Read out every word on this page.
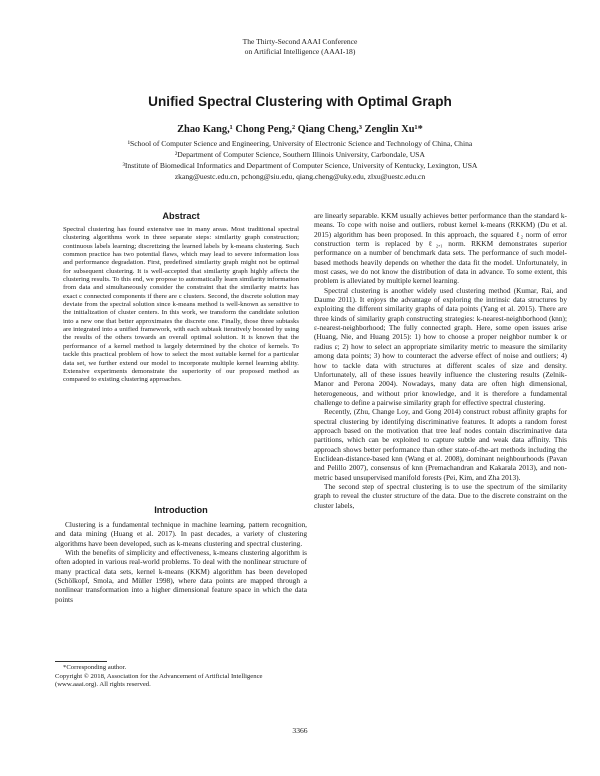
The Thirty-Second AAAI Conference
on Artificial Intelligence (AAAI-18)
Unified Spectral Clustering with Optimal Graph
Zhao Kang,¹ Chong Peng,² Qiang Cheng,³ Zenglin Xu¹*
¹School of Computer Science and Engineering, University of Electronic Science and Technology of China, China
²Department of Computer Science, Southern Illinois University, Carbondale, USA
³Institute of Biomedical Informatics and Department of Computer Science, University of Kentucky, Lexington, USA
zkang@uestc.edu.cn, pchong@siu.edu, qiang.cheng@uky.edu, zlxu@uestc.edu.cn
Abstract
Spectral clustering has found extensive use in many areas. Most traditional spectral clustering algorithms work in three separate steps: similarity graph construction; continuous labels learning; discretizing the learned labels by k-means clustering. Such common practice has two potential flaws, which may lead to severe information loss and performance degradation. First, predefined similarity graph might not be optimal for subsequent clustering. It is well-accepted that similarity graph highly affects the clustering results. To this end, we propose to automatically learn similarity information from data and simultaneously consider the constraint that the similarity matrix has exact c connected components if there are c clusters. Second, the discrete solution may deviate from the spectral solution since k-means method is well-known as sensitive to the initialization of cluster centers. In this work, we transform the candidate solution into a new one that better approximates the discrete one. Finally, those three subtasks are integrated into a unified framework, with each subtask iteratively boosted by using the results of the others towards an overall optimal solution. It is known that the performance of a kernel method is largely determined by the choice of kernels. To tackle this practical problem of how to select the most suitable kernel for a particular data set, we further extend our model to incorporate multiple kernel learning ability. Extensive experiments demonstrate the superiority of our proposed method as compared to existing clustering approaches.
Introduction

Clustering is a fundamental technique in machine learning, pattern recognition, and data mining (Huang et al. 2017). In past decades, a variety of clustering algorithms have been developed, such as k-means clustering and spectral clustering.

With the benefits of simplicity and effectiveness, k-means clustering algorithm is often adopted in various real-world problems. To deal with the nonlinear structure of many practical data sets, kernel k-means (KKM) algorithm has been developed (Schölkopf, Smola, and Müller 1998), where data points are mapped through a nonlinear transformation into a higher dimensional feature space in which the data points

*Corresponding author.
Copyright © 2018, Association for the Advancement of Artificial Intelligence (www.aaai.org). All rights reserved.

are linearly separable. KKM usually achieves better performance than the standard k-means. To cope with noise and outliers, robust kernel k-means (RKKM) (Du et al. 2015) algorithm has been proposed. In this approach, the squared ℓ₂ norm of error construction term is replaced by ℓ₂,₁ norm. RKKM demonstrates superior performance on a number of benchmark data sets. The performance of such model-based methods heavily depends on whether the data fit the model. Unfortunately, in most cases, we do not know the distribution of data in advance. To some extent, this problem is alleviated by multiple kernel learning.

Spectral clustering is another widely used clustering method (Kumar, Rai, and Daume 2011). It enjoys the advantage of exploring the intrinsic data structures by exploiting the different similarity graphs of data points (Yang et al. 2015). There are three kinds of similarity graph constructing strategies: k-nearest-neighborhood (knn); ε-nearest-neighborhood; The fully connected graph. Here, some open issues arise (Huang, Nie, and Huang 2015): 1) how to choose a proper neighbor number k or radius ε; 2) how to select an appropriate similarity metric to measure the similarity among data points; 3) how to counteract the adverse effect of noise and outliers; 4) how to tackle data with structures at different scales of size and density. Unfortunately, all of these issues heavily influence the clustering results (Zelnik-Manor and Perona 2004). Nowadays, many data are often high dimensional, heterogeneous, and without prior knowledge, and it is therefore a fundamental challenge to define a pairwise similarity graph for effective spectral clustering.

Recently, (Zhu, Change Loy, and Gong 2014) construct robust affinity graphs for spectral clustering by identifying discriminative features. It adopts a random forest approach based on the motivation that tree leaf nodes contain discriminative data partitions, which can be exploited to capture subtle and weak data affinity. This approach shows better performance than other state-of-the-art methods including the Euclidean-distance-based knn (Wang et al. 2008), dominant neighbourhoods (Pavan and Pelillo 2007), consensus of knn (Premachandran and Kakarala 2013), and non-metric based unsupervised manifold forests (Pei, Kim, and Zha 2013).

The second step of spectral clustering is to use the spectrum of the similarity graph to reveal the cluster structure of the data. Due to the discrete constraint on the cluster labels,

3366
